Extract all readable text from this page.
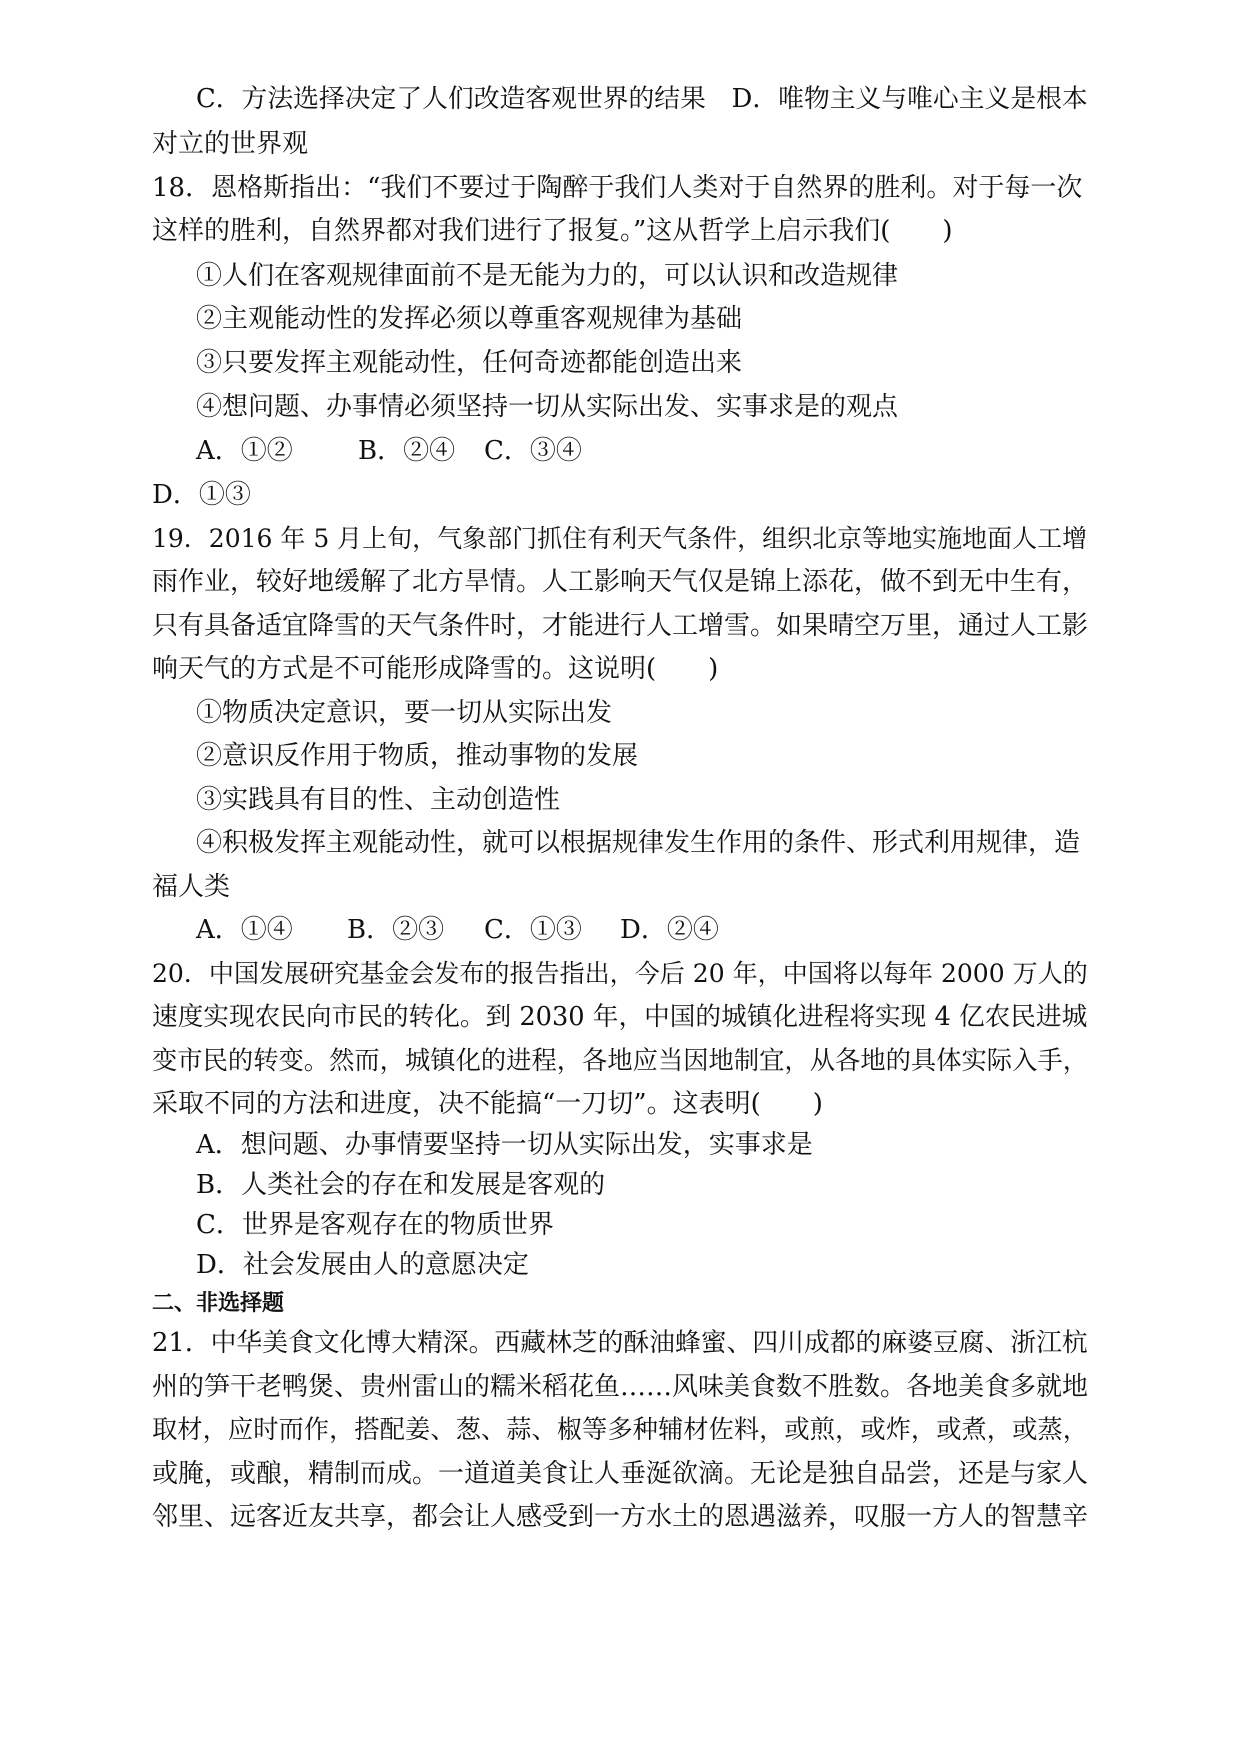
C．方法选择决定了人们改造客观世界的结果　D．唯物主义与唯心主义是根本
对立的世界观
18．恩格斯指出：“我们不要过于陶醉于我们人类对于自然界的胜利。对于每一次
这样的胜利，自然界都对我们进行了报复。”这从哲学上启示我们(　　)
①人们在客观规律面前不是无能为力的，可以认识和改造规律
②主观能动性的发挥必须以尊重客观规律为基础
③只要发挥主观能动性，任何奇迹都能创造出来
④想问题、办事情必须坚持一切从实际出发、实事求是的观点
A．①②	B．②④ C．③④
D．①③
19．2016 年 5 月上旬，气象部门抓住有利天气条件，组织北京等地实施地面人工增
雨作业，较好地缓解了北方旱情。人工影响天气仅是锦上添花，做不到无中生有，
只有具备适宜降雪的天气条件时，才能进行人工增雪。如果晴空万里，通过人工影
响天气的方式是不可能形成降雪的。这说明(　　)
①物质决定意识，要一切从实际出发
②意识反作用于物质，推动事物的发展
③实践具有目的性、主动创造性
④积极发挥主观能动性，就可以根据规律发生作用的条件、形式利用规律，造
福人类
A．①④ B．②③ C．①③ D．②④
20．中国发展研究基金会发布的报告指出，今后 20 年，中国将以每年 2000 万人的
速度实现农民向市民的转化。到 2030 年，中国的城镇化进程将实现 4 亿农民进城
变市民的转变。然而，城镇化的进程，各地应当因地制宜，从各地的具体实际入手，
采取不同的方法和进度，决不能搞“一刀切”。这表明(　　)
A．想问题、办事情要坚持一切从实际出发，实事求是
B．人类社会的存在和发展是客观的
C．世界是客观存在的物质世界
D．社会发展由人的意愿决定
二、非选择题
21．中华美食文化博大精深。西藏林芝的酥油蜂蜜、四川成都的麻婆豆腐、浙江杭
州的笋干老鸭煲、贵州雷山的糯米稻花鱼……风味美食数不胜数。各地美食多就地
取材，应时而作，搭配姜、葱、蒜、椒等多种辅材佐料，或煎，或炸，或煮，或蒸，
或腌，或酿，精制而成。一道道美食让人垂涎欲滴。无论是独自品尝，还是与家人
邻里、远客近友共享，都会让人感受到一方水土的恩遇滋养，叹服一方人的智慧辛
